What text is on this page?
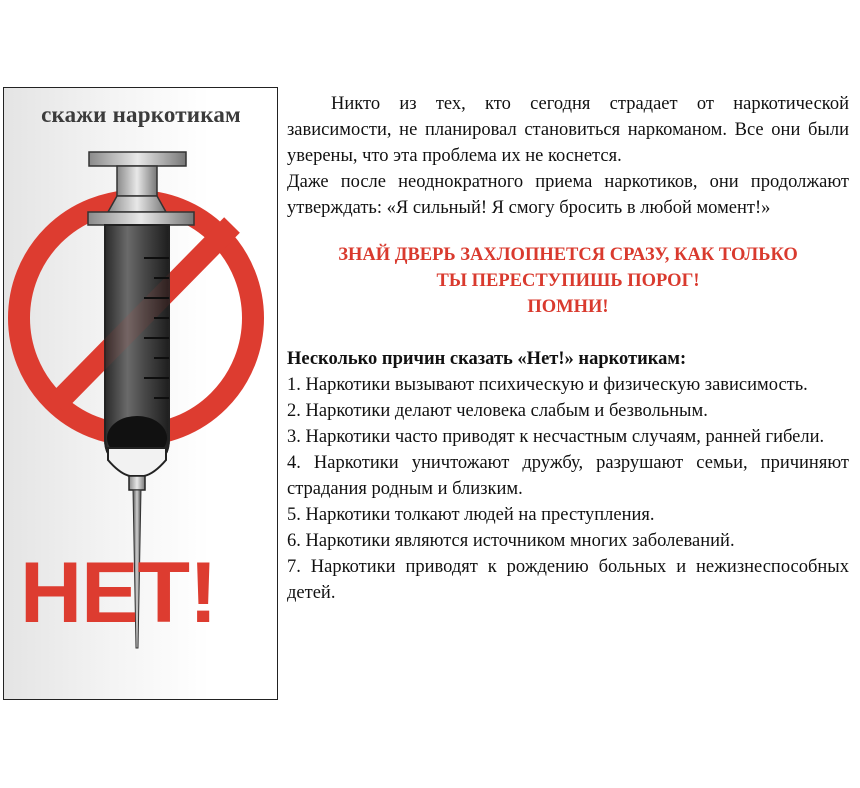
скажи наркотикам
НЕТ!

Никто из тех, кто сегодня страдает от наркотической зависимости, не планировал становиться наркоманом. Все они были уверены, что эта проблема их не коснется.

Даже после неоднократного приема наркотиков, они продолжают утверждать: «Я сильный! Я смогу бросить в любой момент!»

ЗНАЙ ДВЕРЬ ЗАХЛОПНЕТСЯ СРАЗУ, КАК ТОЛЬКО
ТЫ ПЕРЕСТУПИШЬ ПОРОГ!
ПОМНИ!

Несколько причин сказать «Нет!» наркотикам:

1. Наркотики вызывают психическую и физическую зависимость.
2. Наркотики делают человека слабым и безвольным.
3. Наркотики часто приводят к несчастным случаям, ранней гибели.
4. Наркотики уничтожают дружбу, разрушают семьи, причиняют страдания родным и близким.
5. Наркотики толкают людей на преступления.
6. Наркотики являются источником многих заболеваний.
7. Наркотики приводят к рождению больных и нежизнеспособных детей.
